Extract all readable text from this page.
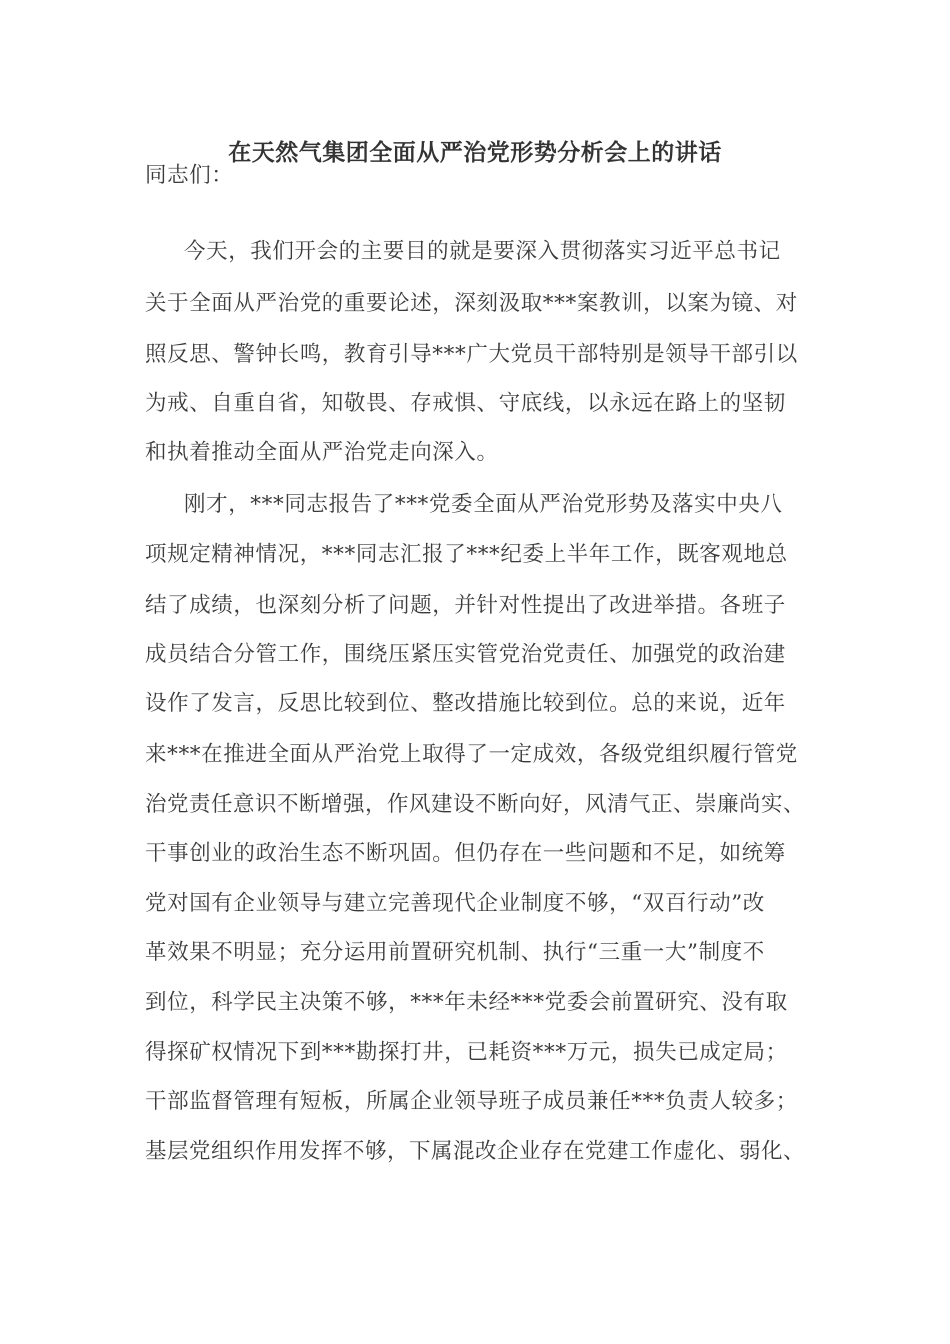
在天然气集团全面从严治党形势分析会上的讲话
同志们：
今天，我们开会的主要目的就是要深入贯彻落实习近平总书记
关于全面从严治党的重要论述，深刻汲取***案教训，以案为镜、对
照反思、警钟长鸣，教育引导***广大党员干部特别是领导干部引以
为戒、自重自省，知敬畏、存戒惧、守底线，以永远在路上的坚韧
和执着推动全面从严治党走向深入。
刚才，***同志报告了***党委全面从严治党形势及落实中央八
项规定精神情况，***同志汇报了***纪委上半年工作，既客观地总
结了成绩，也深刻分析了问题，并针对性提出了改进举措。各班子
成员结合分管工作，围绕压紧压实管党治党责任、加强党的政治建
设作了发言，反思比较到位、整改措施比较到位。总的来说，近年
来***在推进全面从严治党上取得了一定成效，各级党组织履行管党
治党责任意识不断增强，作风建设不断向好，风清气正、崇廉尚实、
干事创业的政治生态不断巩固。但仍存在一些问题和不足，如统筹
党对国有企业领导与建立完善现代企业制度不够，“双百行动”改
革效果不明显；充分运用前置研究机制、执行“三重一大”制度不
到位，科学民主决策不够，***年未经***党委会前置研究、没有取
得探矿权情况下到***勘探打井，已耗资***万元，损失已成定局；
干部监督管理有短板，所属企业领导班子成员兼任***负责人较多；
基层党组织作用发挥不够，下属混改企业存在党建工作虚化、弱化、
